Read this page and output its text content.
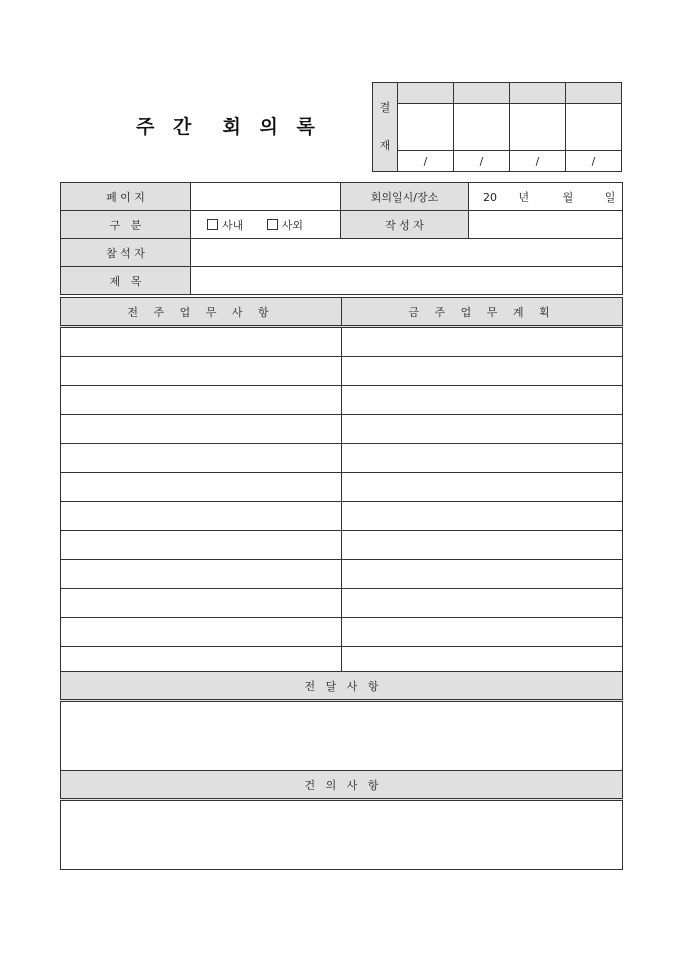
주 간  회 의 록
결
재				

	/	/	/	/
페 이 지		회의일시/장소	20 년 월 일
구   분	사내 사외	작 성 자	
참 석 자			
제   목			
전 주 업 무 사 항	금 주 업 무 계 획

전   달   사   항

건   의   사   항
